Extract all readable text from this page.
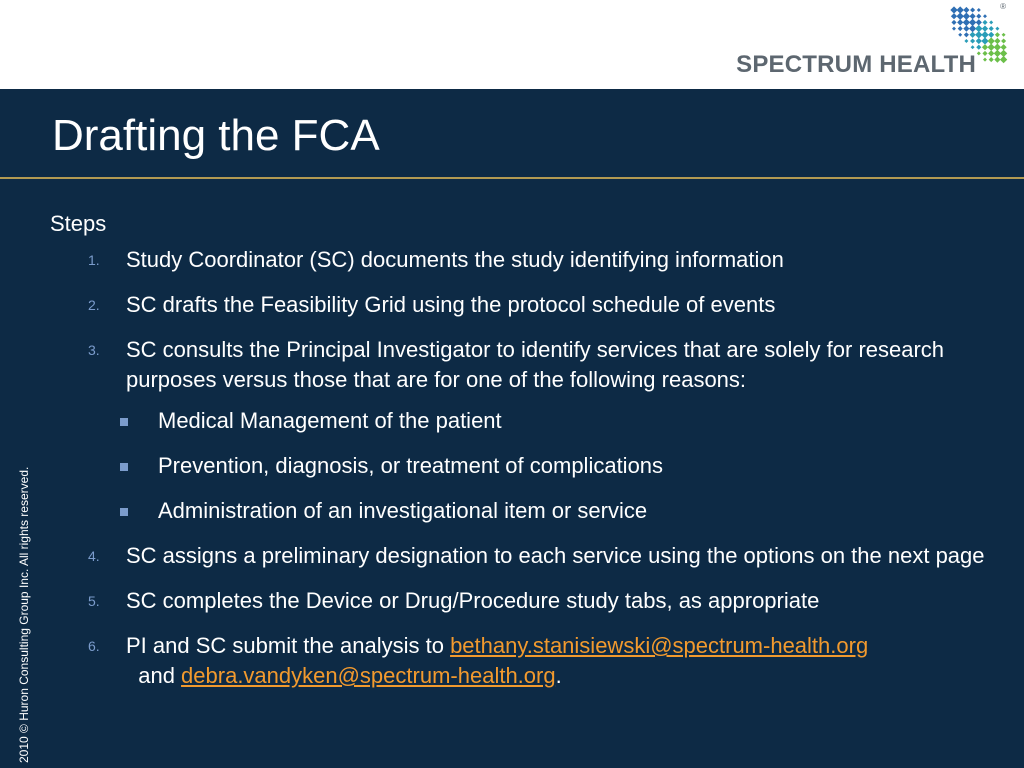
®
SPECTRUM HEALTH
Drafting the FCA
2010 © Huron Consulting Group Inc. All rights reserved.
Steps
1. Study Coordinator (SC) documents the study identifying information
2. SC drafts the Feasibility Grid using the protocol schedule of events
3. SC consults the Principal Investigator to identify services that are solely for research purposes versus those that are for one of the following reasons:
Medical Management of the patient
Prevention, diagnosis, or treatment of complications
Administration of an investigational item or service
4. SC assigns a preliminary designation to each service using the options on the next page
5. SC completes the Device or Drug/Procedure study tabs, as appropriate
6. PI and SC submit the analysis to bethany.stanisiewski@spectrum-health.org  and debra.vandyken@spectrum-health.org.
